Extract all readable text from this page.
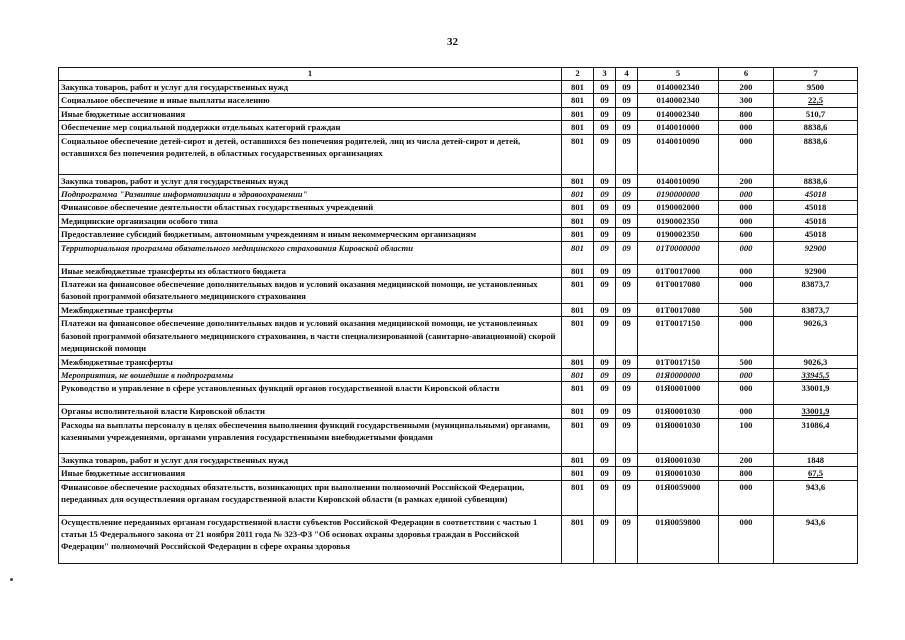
32
1	2	3	4	5	6	7
Закупка товаров, работ и услуг для государственных нужд	801	09	09	0140002340	200	9500
Социальное обеспечение и иные выплаты населению	801	09	09	0140002340	300	22,5
Иные бюджетные ассигнования	801	09	09	0140002340	800	510,7
Обеспечение мер социальной поддержки отдельных категорий граждан	801	09	09	0140010000	000	8838,6
Социальное обеспечение детей-сирот и детей, оставшихся без попечения родителей, лиц из числа детей-сирот и детей, оставшихся без попечения родителей, в областных государственных организациях	801	09	09	0140010090	000	8838,6
Закупка товаров, работ и услуг для государственных нужд	801	09	09	0140010090	200	8838,6
Подпрограмма "Развитие информатизации в здравоохранении"	801	09	09	0190000000	000	45018
Финансовое обеспечение деятельности областных государственных учреждений	801	09	09	0190002000	000	45018
Медицинские организации особого типа	801	09	09	0190002350	000	45018
Предоставление субсидий бюджетным, автономным учреждениям и иным некоммерческим организациям	801	09	09	0190002350	600	45018
Территориальная программа обязательного медицинского страхования Кировской области	801	09	09	01Т0000000	000	92900
Иные межбюджетные трансферты из областного бюджета	801	09	09	01Т0017000	000	92900
Платежи на финансовое обеспечение дополнительных видов и условий оказания медицинской помощи, не установленных базовой программой обязательного медицинского страхования	801	09	09	01Т0017080	000	83873,7
Межбюджетные трансферты	801	09	09	01Т0017080	500	83873,7
Платежи на финансовое обеспечение дополнительных видов и условий оказания медицинской помощи, не установленных базовой программой обязательного медицинского страхования, в части специализированной (санитарно-авиационной) скорой медицинской помощи	801	09	09	01Т0017150	000	9026,3
Межбюджетные трансферты	801	09	09	01Т0017150	500	9026,3
Мероприятия, не вошедшие в подпрограммы	801	09	09	01Я0000000	000	33945,5
Руководство и управление в сфере установленных функций органов государственной власти Кировской области	801	09	09	01Я0001000	000	33001,9
Органы исполнительной власти Кировской области	801	09	09	01Я0001030	000	33001,9
Расходы на выплаты персоналу в целях обеспечения выполнения функций государственными (муниципальными) органами, казенными учреждениями, органами управления государственными внебюджетными фондами	801	09	09	01Я0001030	100	31086,4
Закупка товаров, работ и услуг для государственных нужд	801	09	09	01Я0001030	200	1848
Иные бюджетные ассигнования	801	09	09	01Я0001030	800	67,5
Финансовое обеспечение расходных обязательств, возникающих при выполнении полномочий Российской Федерации, переданных для осуществления органам государственной власти Кировской области (в рамках единой субвенции)	801	09	09	01Я0059000	000	943,6
Осуществление переданных органам государственной власти субъектов Российской Федерации в соответствии с частью 1 статьи 15 Федерального закона от 21 ноября 2011 года № 323-ФЗ "Об основах охраны здоровья граждан в Российской Федерации" полномочий Российской Федерации в сфере охраны здоровья	801	09	09	01Я0059800	000	943,6
